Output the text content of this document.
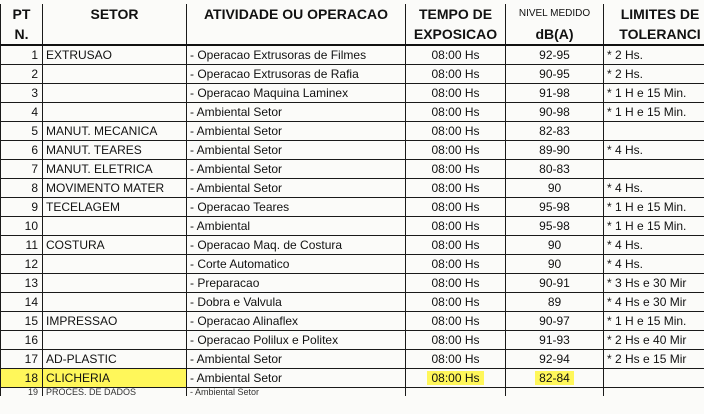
PT	SETOR	ATIVIDADE OU OPERACAO	TEMPO DE	NIVEL MEDIDO	LIMITES DE
N.			EXPOSICAO	dB(A)	TOLERANCI
1	EXTRUSAO	- Operacao Extrusoras de Filmes	08:00 Hs	92-95	* 2 Hs.
2		- Operacao Extrusoras de Rafia	08:00 Hs	90-95	* 2 Hs.
3		- Operacao Maquina Laminex	08:00 Hs	91-98	* 1 H e 15 Min.
4		- Ambiental Setor	08:00 Hs	90-98	* 1 H e 15 Min.
5	MANUT. MECANICA	- Ambiental Setor	08:00 Hs	82-83	
6	MANUT. TEARES	- Ambiental Setor	08:00 Hs	89-90	* 4 Hs.
7	MANUT. ELETRICA	- Ambiental Setor	08:00 Hs	80-83	
8	MOVIMENTO MATER	- Ambiental Setor	08:00 Hs	90	* 4 Hs.
9	TECELAGEM	- Operacao Teares	08:00 Hs	95-98	* 1 H e 15 Min.
10		- Ambiental	08:00 Hs	95-98	* 1 H e 15 Min.
11	COSTURA	- Operacao Maq. de Costura	08:00 Hs	90	* 4 Hs.
12		- Corte Automatico	08:00 Hs	90	* 4 Hs.
13		- Preparacao	08:00 Hs	90-91	* 3 Hs e 30 Mir
14		- Dobra e Valvula	08:00 Hs	89	* 4 Hs e 30 Mir
15	IMPRESSAO	- Operacao Alinaflex	08:00 Hs	90-97	* 1 H e 15 Min.
16		- Operacao Polilux e Politex	08:00 Hs	91-93	* 2 Hs e 40 Mir
17	AD-PLASTIC	- Ambiental Setor	08:00 Hs	92-94	* 2 Hs e 15 Mir
18	CLICHERIA	- Ambiental Setor	08:00 Hs	82-84	
19	PROCES. DE DADOS	- Ambiental Setor			
